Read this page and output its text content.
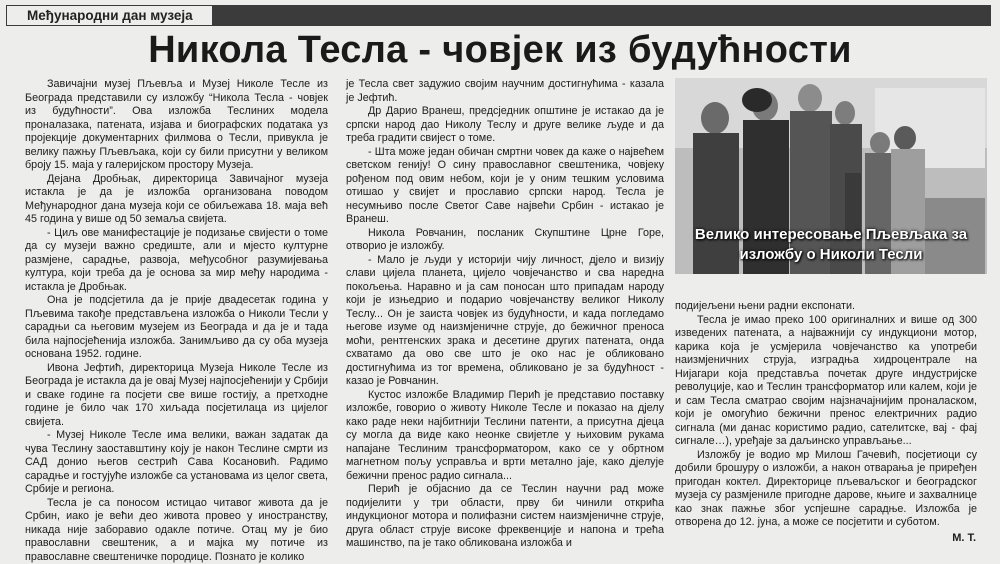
Међународни дан музеја
Никола Тесла - човјек из будућности

Завичајни музеј Пљевља и Музеј Николе Тесле из Београда представили су изложбу “Никола Тесла - човјек из будућности”. Ова изложба Теслиних модела проналазака, патената, изјава и биографских података уз пројекције документарних филмова о Тесли, привукла је велику пажњу Пљевљака, који су били присутни у великом броју 15. маја у галеријском простору Музеја.

Дејана Дробњак, директорица Завичајног музеја истакла је да је изложба организована поводом Међународног дана музеја који се обиљежава 18. маја већ 45 година у више од 50 земаља свијета.

- Циљ ове манифестације је подизање свијести о томе да су музеји важно средиште, али и мјесто културне размјене, сарадње, развоја, међусобног разумијевања култура, који треба да је основа за мир међу народима - истакла је Дробњак.

Она је подсјетила да је прије двадесетак година у Пљевима такође представљена изложба о Николи Тесли у сарадњи са његовим музејем из Београда и да је и тада била најпосјећенија изложба. Занимљиво да су оба музеја основана 1952. године.

Ивона Јефтић, директорица Музеја Николе Тесле из Београда је истакла да је овај Музеј најпосјећенији у Србији и сваке године га посјети све више гостију, а претходне године је било чак 170 хиљада посјетилаца из цијелог свијета.

- Музеј Николе Тесле има велики, важан задатак да чува Теслину заоставштину коју је након Теслине смрти из САД донио његов сестрић Сава Косановић. Радимо сарадње и гостујуће изложбе са установама из целог света, Србије и региона.

Тесла је са поносом истицао читавог живота да је Србин, иако је већи део живота провео у иностранству, никада није заборавио одакле потиче. Отац му је био православни свештеник, а и мајка му потиче из православне свештеничке породице. Познато је колико

је Тесла свет задужио својим научним достигнућима - казала је Јефтић.

Др Дарио Вранеш, предсједник општине је истакао да је српски народ дао Николу Теслу и друге велике људе и да треба градити свијест о томе.

- Шта може један обичан смртни човек да каже о највећем светском генију! О сину православног свештеника, човјеку рођеном под овим небом, који је у оним тешким условима отишао у свијет и прославио српски народ. Тесла је несумњиво после Светог Саве највећи Србин - истакао је Вранеш.

Никола Ровчанин, посланик Скупштине Црне Горе, отворио је изложбу.

- Мало је људи у историји чију личност, дјело и визију слави цијела планета, цијело човјечанство и сва наредна покољења. Наравно и ја сам поносан што припадам народу који је изњедрио и подарио човјечанству великог Николу Теслу... Он је заиста човјек из будућности, и када погледамо његове изуме од наизмјеничне струје, до бежичног преноса моћи, рентгенских зрака и десетине других патената, онда схватамо да ово све што је око нас је обликовано достигнућима из тог времена, обликовано је за будућност - казао је Ровчанин.

Кустос изложбе Владимир Перић је представио поставку изложбе, говорио о животу Николе Тесле и показао на дјелу како раде неки најбитнији Теслини патенти, а присутна дјеца су могла да виде како неонке свијетле у њиховим рукама напајане Теслиним трансформатором, како се у обртном магнетном пољу усправља и врти метално јаје, како дјелује бежични пренос радио сигнала...

Перић је објаснио да се Теслин научни рад може подијелити у три области, прву би чинили открића индукционог мотора и полифазни систем наизмјеничне струје, друга област струје високе фреквенције и напона и трећа машинство, па је тако обликована изложба и

Велико интересовање Пљевљака за изложбу о Николи Тесли

подијељени њени радни експонати.

Тесла је имао преко 100 оригиналних и више од 300 изведених патената, а најважнији су индукциони мотор, карика која је усмјерила човјечанство ка употреби наизмјеничних струја, изградња хидроцентрале на Нијагари која представља почетак друге индустријске револуције, као и Теслин трансформатор или калем, који је и сам Тесла сматрао својим најзначајнијим проналаском, који је омогућио бежични пренос електричних радио сигнала (ми данас користимо радио, сателитске, вај - фај сигнале…), уређаје за даљинско управљање...

Изложбу је водио мр Милош Гачевић, посјетиоци су добили брошуру о изложби, а након отварања је приређен пригодан коктел. Директорице пљеваљског и београдског музеја су размјениле пригодне дарове, књиге и захвалнице као знак пажње због успјешне сарадње. Изложба је отворена до 12. јуна, а може се посјетити и суботом.

М. Т.
